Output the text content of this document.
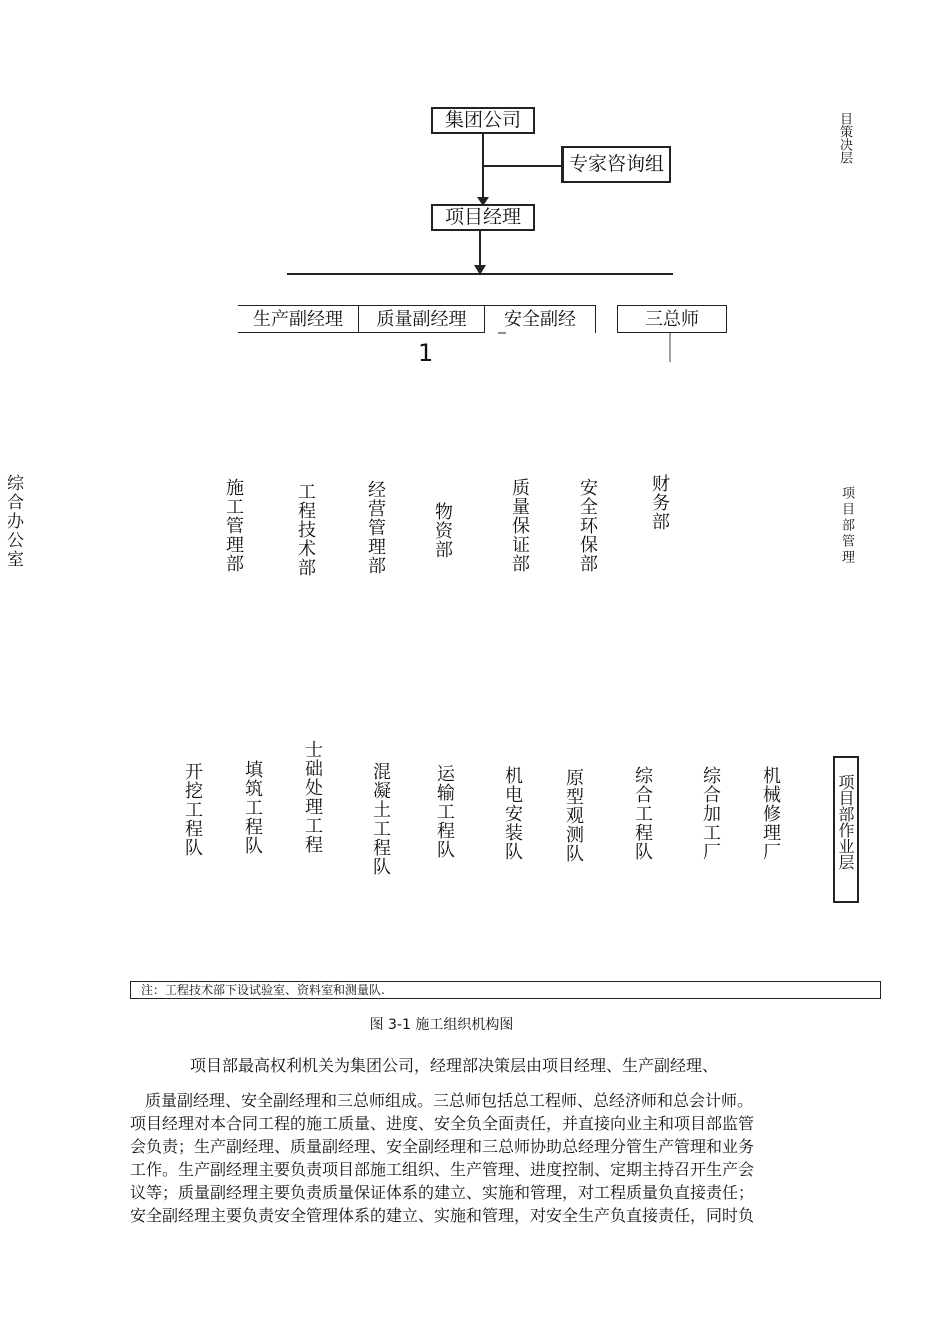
集团公司
专家咨询组
项目经理
目策决层
生产副经理	质量副经理	安全副经	三总师
1
综合办公室	施工管理部	工程技术部	经营管理部	物资部	质量保证部	安全环保部	财务部	项目部管理
开挖工程队 填筑工程队 士础处理工程	混凝土工程队 运输工程队	机电安装队 原型观测队	综合工程队	综合加工厂 机械修理厂	项目部作业层
注：工程技术部下设试验室、资料室和测量队.
图 3-1 施工组织机构图
项目部最高权利机关为集团公司，经理部决策层由项目经理、生产副经理、
质量副经理、安全副经理和三总师组成。三总师包括总工程师、总经济师和总会计师。
项目经理对本合同工程的施工质量、进度、安全负全面责任，并直接向业主和项目部监管
会负责；生产副经理、质量副经理、安全副经理和三总师协助总经理分管生产管理和业务
工作。生产副经理主要负责项目部施工组织、生产管理、进度控制、定期主持召开生产会
议等；质量副经理主要负责质量保证体系的建立、实施和管理，对工程质量负直接责任；
安全副经理主要负责安全管理体系的建立、实施和管理，对安全生产负直接责任，同时负
